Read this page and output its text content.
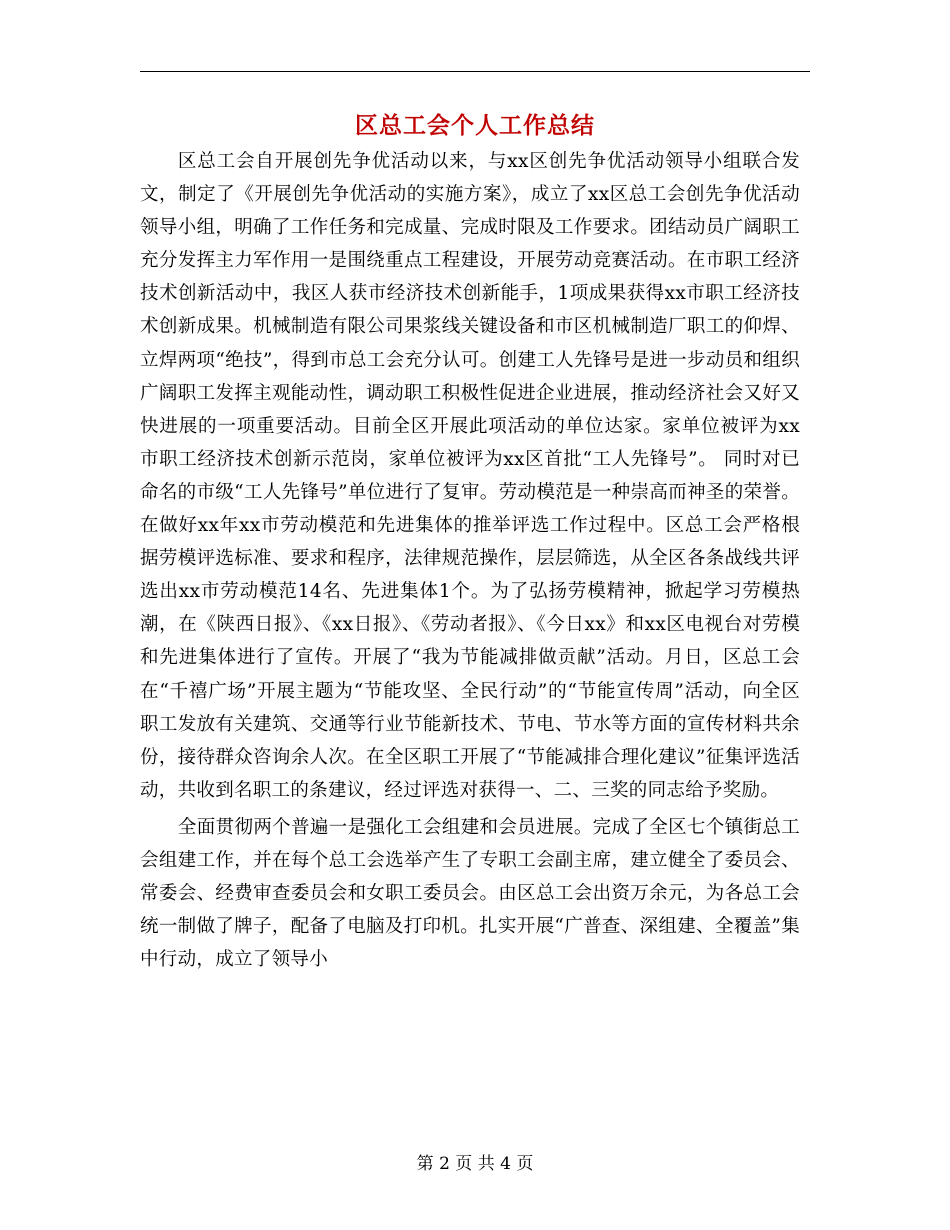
区总工会个人工作总结

区总工会自开展创先争优活动以来，与xx区创先争优活动领导小组联合发文，制定了《开展创先争优活动的实施方案》，成立了xx区总工会创先争优活动领导小组，明确了工作任务和完成量、完成时限及工作要求。团结动员广阔职工充分发挥主力军作用一是围绕重点工程建设，开展劳动竞赛活动。在市职工经济技术创新活动中，我区人获市经济技术创新能手，1项成果获得xx市职工经济技术创新成果。机械制造有限公司果浆线关键设备和市区机械制造厂职工的仰焊、立焊两项“绝技”，得到市总工会充分认可。创建工人先锋号是进一步动员和组织广阔职工发挥主观能动性，调动职工积极性促进企业进展，推动经济社会又好又快进展的一项重要活动。目前全区开展此项活动的单位达家。家单位被评为xx市职工经济技术创新示范岗，家单位被评为xx区首批“工人先锋号”。 同时对已命名的市级“工人先锋号”单位进行了复审。劳动模范是一种崇高而神圣的荣誉。在做好xx年xx市劳动模范和先进集体的推举评选工作过程中。区总工会严格根据劳模评选标准、要求和程序，法律规范操作，层层筛选，从全区各条战线共评选出xx市劳动模范14名、先进集体1个。为了弘扬劳模精神，掀起学习劳模热潮，在《陕西日报》、《xx日报》、《劳动者报》、《今日xx》和xx区电视台对劳模和先进集体进行了宣传。开展了“我为节能减排做贡献”活动。月日，区总工会在“千禧广场”开展主题为“节能攻坚、全民行动”的“节能宣传周”活动，向全区职工发放有关建筑、交通等行业节能新技术、节电、节水等方面的宣传材料共余份，接待群众咨询余人次。在全区职工开展了“节能减排合理化建议”征集评选活动，共收到名职工的条建议，经过评选对获得一、二、三奖的同志给予奖励。

全面贯彻两个普遍一是强化工会组建和会员进展。完成了全区七个镇街总工会组建工作，并在每个总工会选举产生了专职工会副主席，建立健全了委员会、常委会、经费审查委员会和女职工委员会。由区总工会出资万余元，为各总工会统一制做了牌子，配备了电脑及打印机。扎实开展“广普查、深组建、全覆盖”集中行动，成立了领导小

第 2 页 共 4 页
